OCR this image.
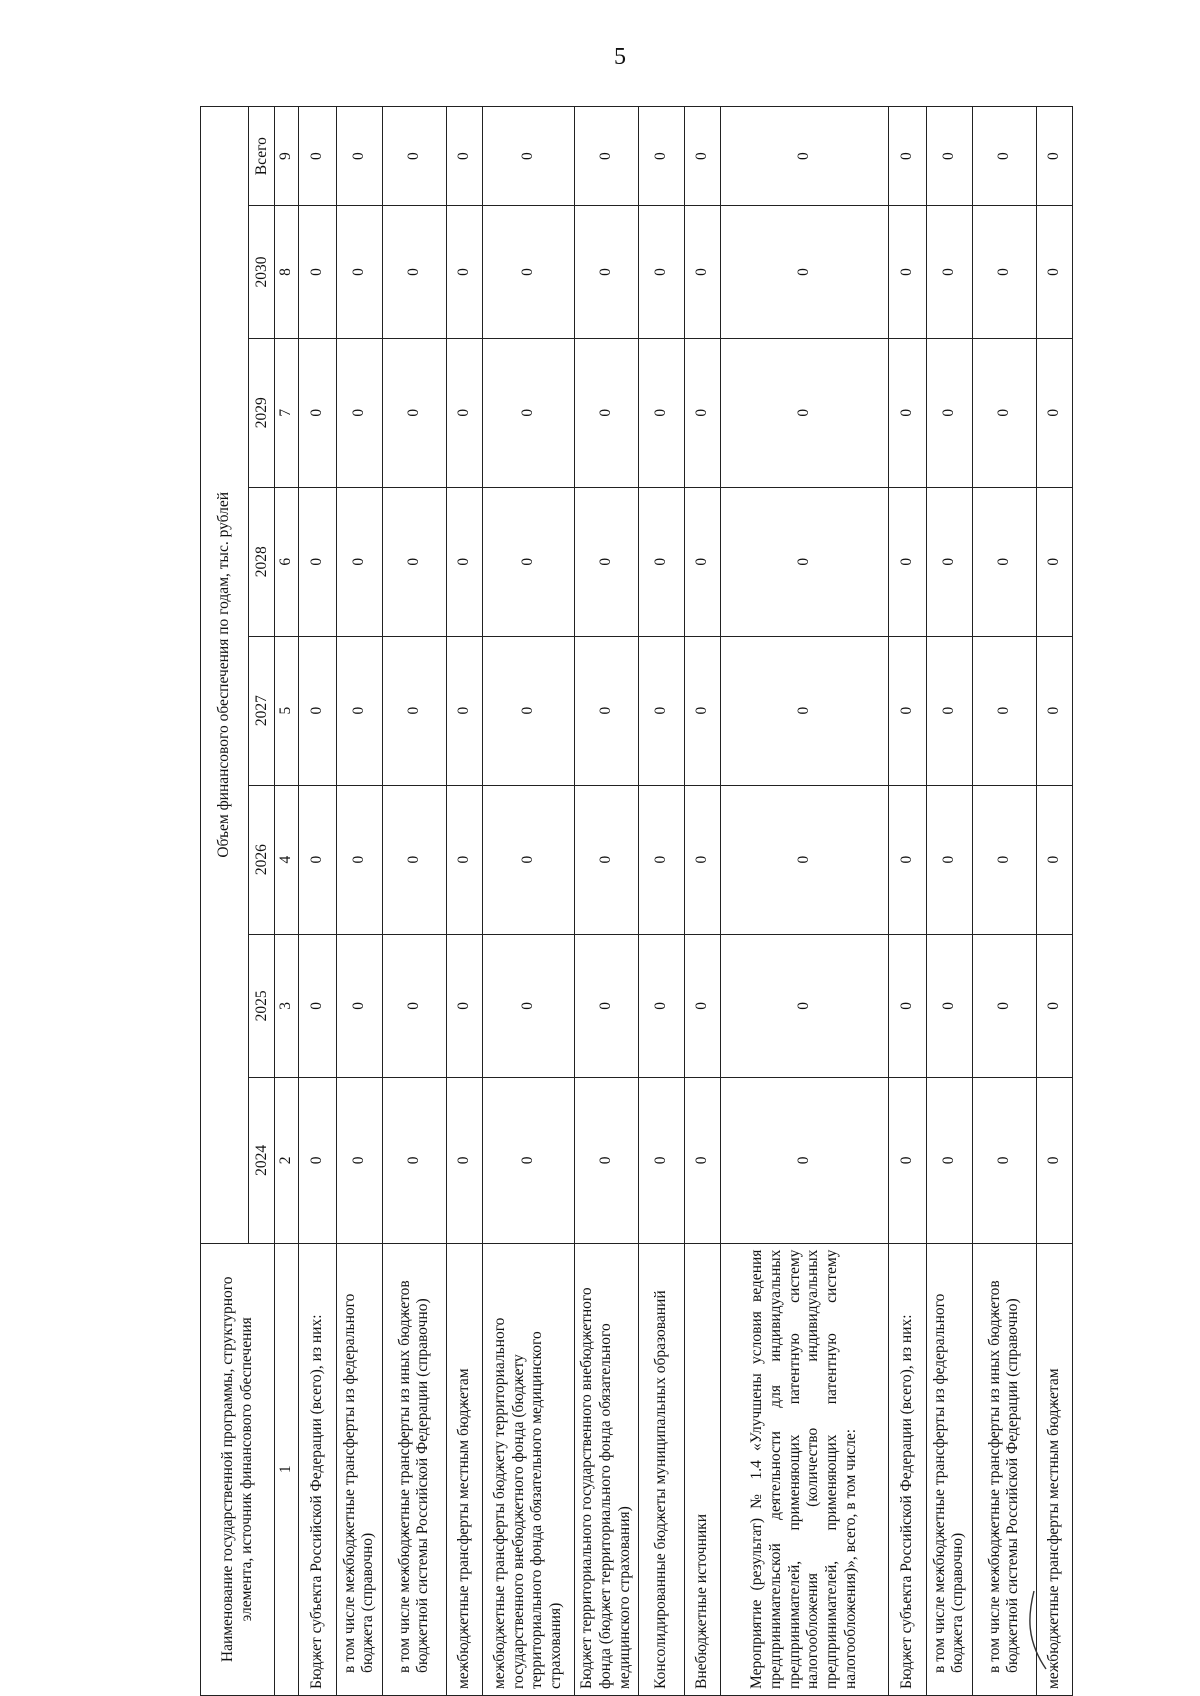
5
Наименование государственной программы, структурного элемента, источник финансового обеспечения	Объем финансового обеспечения по годам, тыс. рублей							
	2024	2025	2026	2027	2028	2029	2030	Всего
1	2	3	4	5	6	7	8	9
Бюджет субъекта Российской Федерации (всего), из них:	0	0	0	0	0	0	0	0
в том числе межбюджетные трансферты из федерального бюджета (справочно)	0	0	0	0	0	0	0	0
в том числе межбюджетные трансферты из иных бюджетов бюджетной системы Российской Федерации (справочно)	0	0	0	0	0	0	0	0
межбюджетные трансферты местным бюджетам	0	0	0	0	0	0	0	0
межбюджетные трансферты бюджету территориального государственного внебюджетного фонда (бюджету территориального фонда обязательного медицинского страхования)	0	0	0	0	0	0	0	0
Бюджет территориального государственного внебюджетного фонда (бюджет территориального фонда обязательного медицинского страхования)	0	0	0	0	0	0	0	0
Консолидированные бюджеты муниципальных образований	0	0	0	0	0	0	0	0
Внебюджетные источники	0	0	0	0	0	0	0	0
Мероприятие (результат) № 1.4 «Улучшены условия ведения предпринимательской деятельности для индивидуальных предпринимателей, применяющих патентную систему налогообложения (количество индивидуальных предпринимателей, применяющих патентную систему налогообложения)», всего, в том числе:	0	0	0	0	0	0	0	0
Бюджет субъекта Российской Федерации (всего), из них:	0	0	0	0	0	0	0	0
в том числе межбюджетные трансферты из федерального бюджета (справочно)	0	0	0	0	0	0	0	0
в том числе межбюджетные трансферты из иных бюджетов бюджетной системы Российской Федерации (справочно)	0	0	0	0	0	0	0	0
межбюджетные трансферты местным бюджетам	0	0	0	0	0	0	0	0
